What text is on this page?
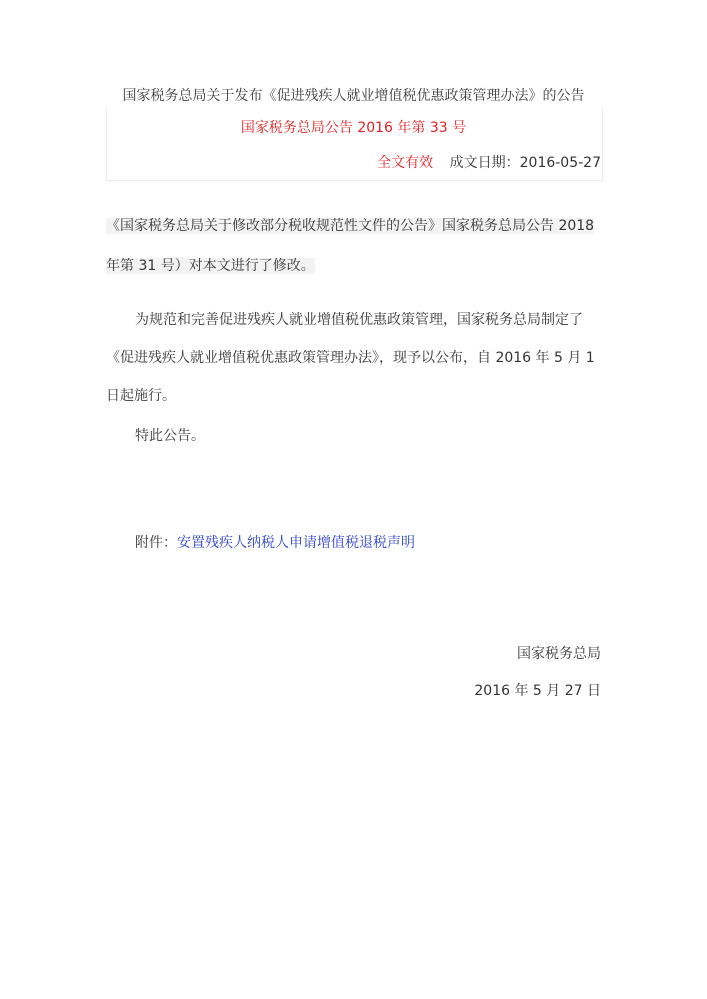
国家税务总局关于发布《促进残疾人就业增值税优惠政策管理办法》的公告
国家税务总局公告 2016 年第 33 号
全文有效 成文日期：2016-05-27
《国家税务总局关于修改部分税收规范性文件的公告》国家税务总局公告 2018
年第 31 号）对本文进行了修改。
为规范和完善促进残疾人就业增值税优惠政策管理，国家税务总局制定了
《促进残疾人就业增值税优惠政策管理办法》，现予以公布，自 2016 年 5 月 1
日起施行。
特此公告。
附件：安置残疾人纳税人申请增值税退税声明
国家税务总局
2016 年 5 月 27 日
